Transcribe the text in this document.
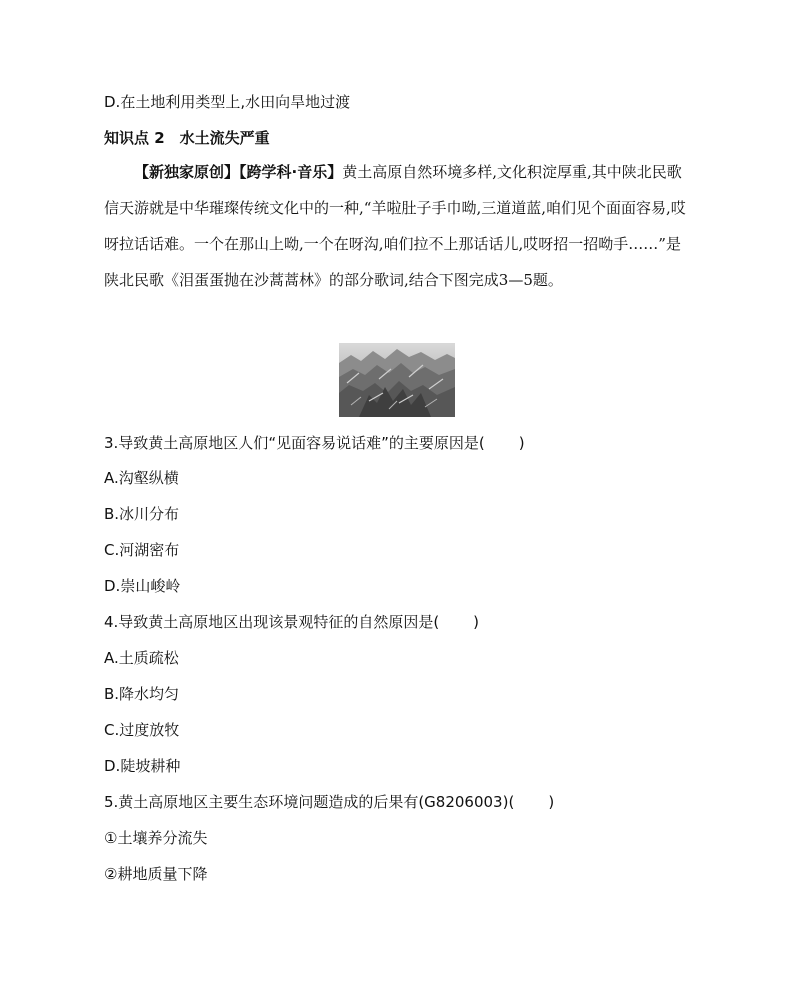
D.在土地利用类型上,水田向旱地过渡
知识点 2　水土流失严重
【新独家原创】【跨学科·音乐】黄土高原自然环境多样,文化积淀厚重,其中陕北民歌信天游就是中华璀璨传统文化中的一种,“羊啦肚子手巾呦,三道道蓝,咱们见个面面容易,哎呀拉话话难。一个在那山上呦,一个在呀沟,咱们拉不上那话话儿,哎呀招一招呦手……”是陕北民歌《泪蛋蛋抛在沙蒿蒿林》的部分歌词,结合下图完成3—5题。
3.导致黄土高原地区人们“见面容易说话难”的主要原因是( )
A.沟壑纵横
B.冰川分布
C.河湖密布
D.崇山峻岭
4.导致黄土高原地区出现该景观特征的自然原因是( )
A.土质疏松
B.降水均匀
C.过度放牧
D.陡坡耕种
5.黄土高原地区主要生态环境问题造成的后果有(G8206003)( )
①土壤养分流失
②耕地质量下降
